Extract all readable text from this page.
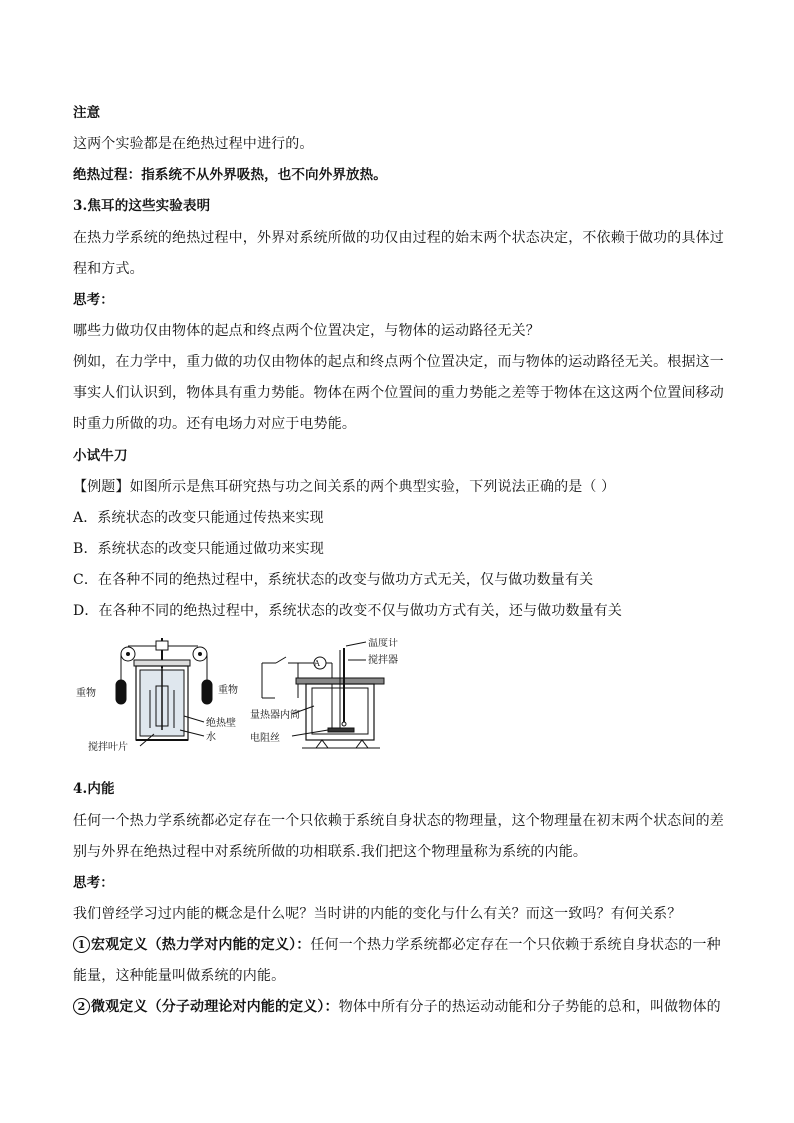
注意
这两个实验都是在绝热过程中进行的。
绝热过程：指系统不从外界吸热，也不向外界放热。
3.焦耳的这些实验表明
在热力学系统的绝热过程中，外界对系统所做的功仅由过程的始末两个状态决定，不依赖于做功的具体过
程和方式。
思考：
哪些力做功仅由物体的起点和终点两个位置决定，与物体的运动路径无关？
例如，在力学中，重力做的功仅由物体的起点和终点两个位置决定，而与物体的运动路径无关。根据这一
事实人们认识到，物体具有重力势能。物体在两个位置间的重力势能之差等于物体在这这两个位置间移动
时重力所做的功。还有电场力对应于电势能。
小试牛刀
【例题】如图所示是焦耳研究热与功之间关系的两个典型实验，下列说法正确的是（ ）
A．系统状态的改变只能通过传热来实现
B．系统状态的改变只能通过做功来实现
C．在各种不同的绝热过程中，系统状态的改变与做功方式无关，仅与做功数量有关
D．在各种不同的绝热过程中，系统状态的改变不仅与做功方式有关，还与做功数量有关
重物	重物
绝热壁
水
搅拌叶片
A
温度计
搅拌器
量热器内筒
电阻丝
4.内能
任何一个热力学系统都必定存在一个只依赖于系统自身状态的物理量，这个物理量在初末两个状态间的差
别与外界在绝热过程中对系统所做的功相联系.我们把这个物理量称为系统的内能。
思考：
我们曾经学习过内能的概念是什么呢？当时讲的内能的变化与什么有关？而这一致吗？有何关系？
1 宏观定义（热力学对内能的定义）：任何一个热力学系统都必定存在一个只依赖于系统自身状态的一种
能量，这种能量叫做系统的内能。
2 微观定义（分子动理论对内能的定义）：物体中所有分子的热运动动能和分子势能的总和，叫做物体的
